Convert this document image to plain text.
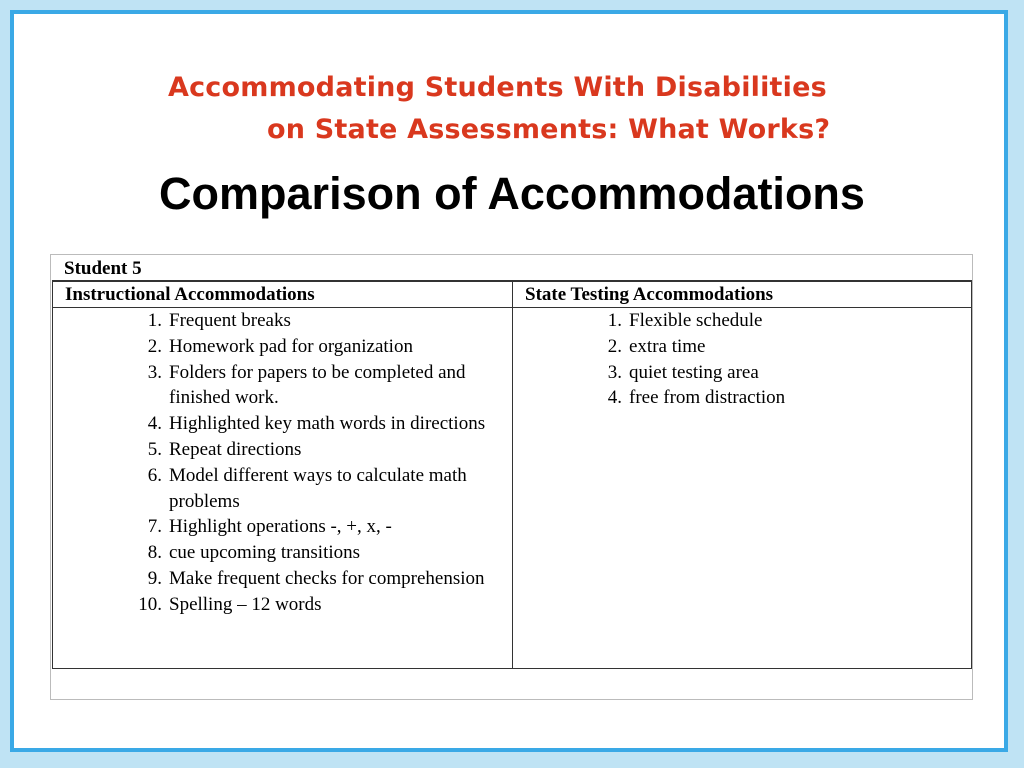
Accommodating Students With Disabilities
on State Assessments: What Works?
Comparison of Accommodations
Student 5
Instructional Accommodations
1. Frequent breaks
2. Homework pad for organization
3. Folders for papers to be completed and finished work.
4. Highlighted key math words in directions
5. Repeat directions
6. Model different ways to calculate math problems
7. Highlight operations -, +, x, -
8. cue upcoming transitions
9. Make frequent checks for comprehension
10. Spelling – 12 words
State Testing Accommodations
1. Flexible schedule
2. extra time
3. quiet testing area
4. free from distraction
